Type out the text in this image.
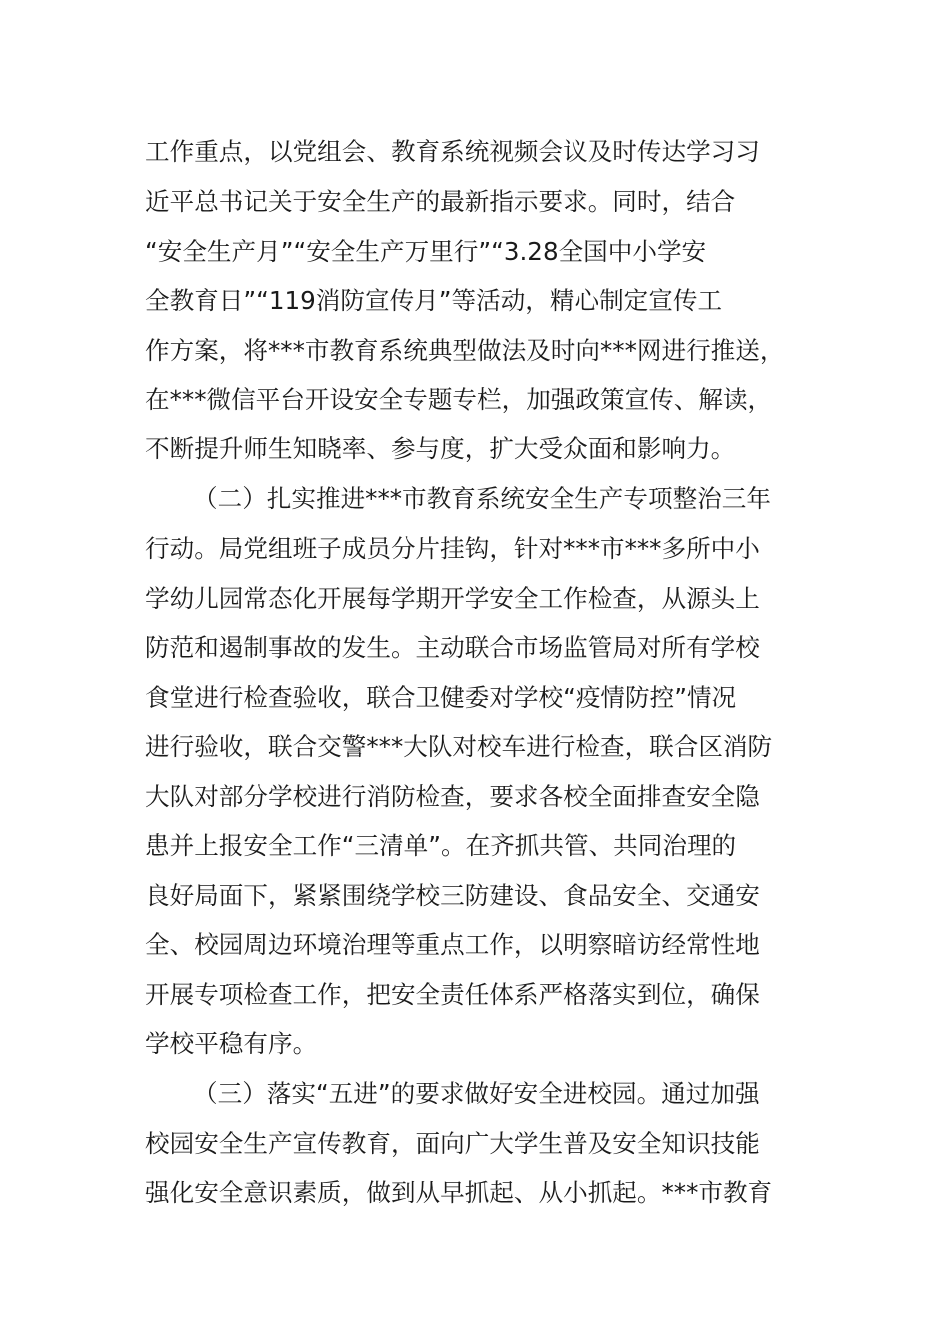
工作重点，以党组会、教育系统视频会议及时传达学习习
近平总书记关于安全生产的最新指示要求。同时，结合
“安全生产月”“安全生产万里行”“3.28全国中小学安
全教育日”“119消防宣传月”等活动，精心制定宣传工
作方案，将***市教育系统典型做法及时向***网进行推送，
在***微信平台开设安全专题专栏，加强政策宣传、解读，
不断提升师生知晓率、参与度，扩大受众面和影响力。
（二）扎实推进***市教育系统安全生产专项整治三年
行动。局党组班子成员分片挂钩，针对***市***多所中小
学幼儿园常态化开展每学期开学安全工作检查，从源头上
防范和遏制事故的发生。主动联合市场监管局对所有学校
食堂进行检查验收，联合卫健委对学校“疫情防控”情况
进行验收，联合交警***大队对校车进行检查，联合区消防
大队对部分学校进行消防检查，要求各校全面排查安全隐
患并上报安全工作“三清单”。在齐抓共管、共同治理的
良好局面下，紧紧围绕学校三防建设、食品安全、交通安
全、校园周边环境治理等重点工作，以明察暗访经常性地
开展专项检查工作，把安全责任体系严格落实到位，确保
学校平稳有序。
（三）落实“五进”的要求做好安全进校园。通过加强
校园安全生产宣传教育，面向广大学生普及安全知识技能
强化安全意识素质，做到从早抓起、从小抓起。***市教育
